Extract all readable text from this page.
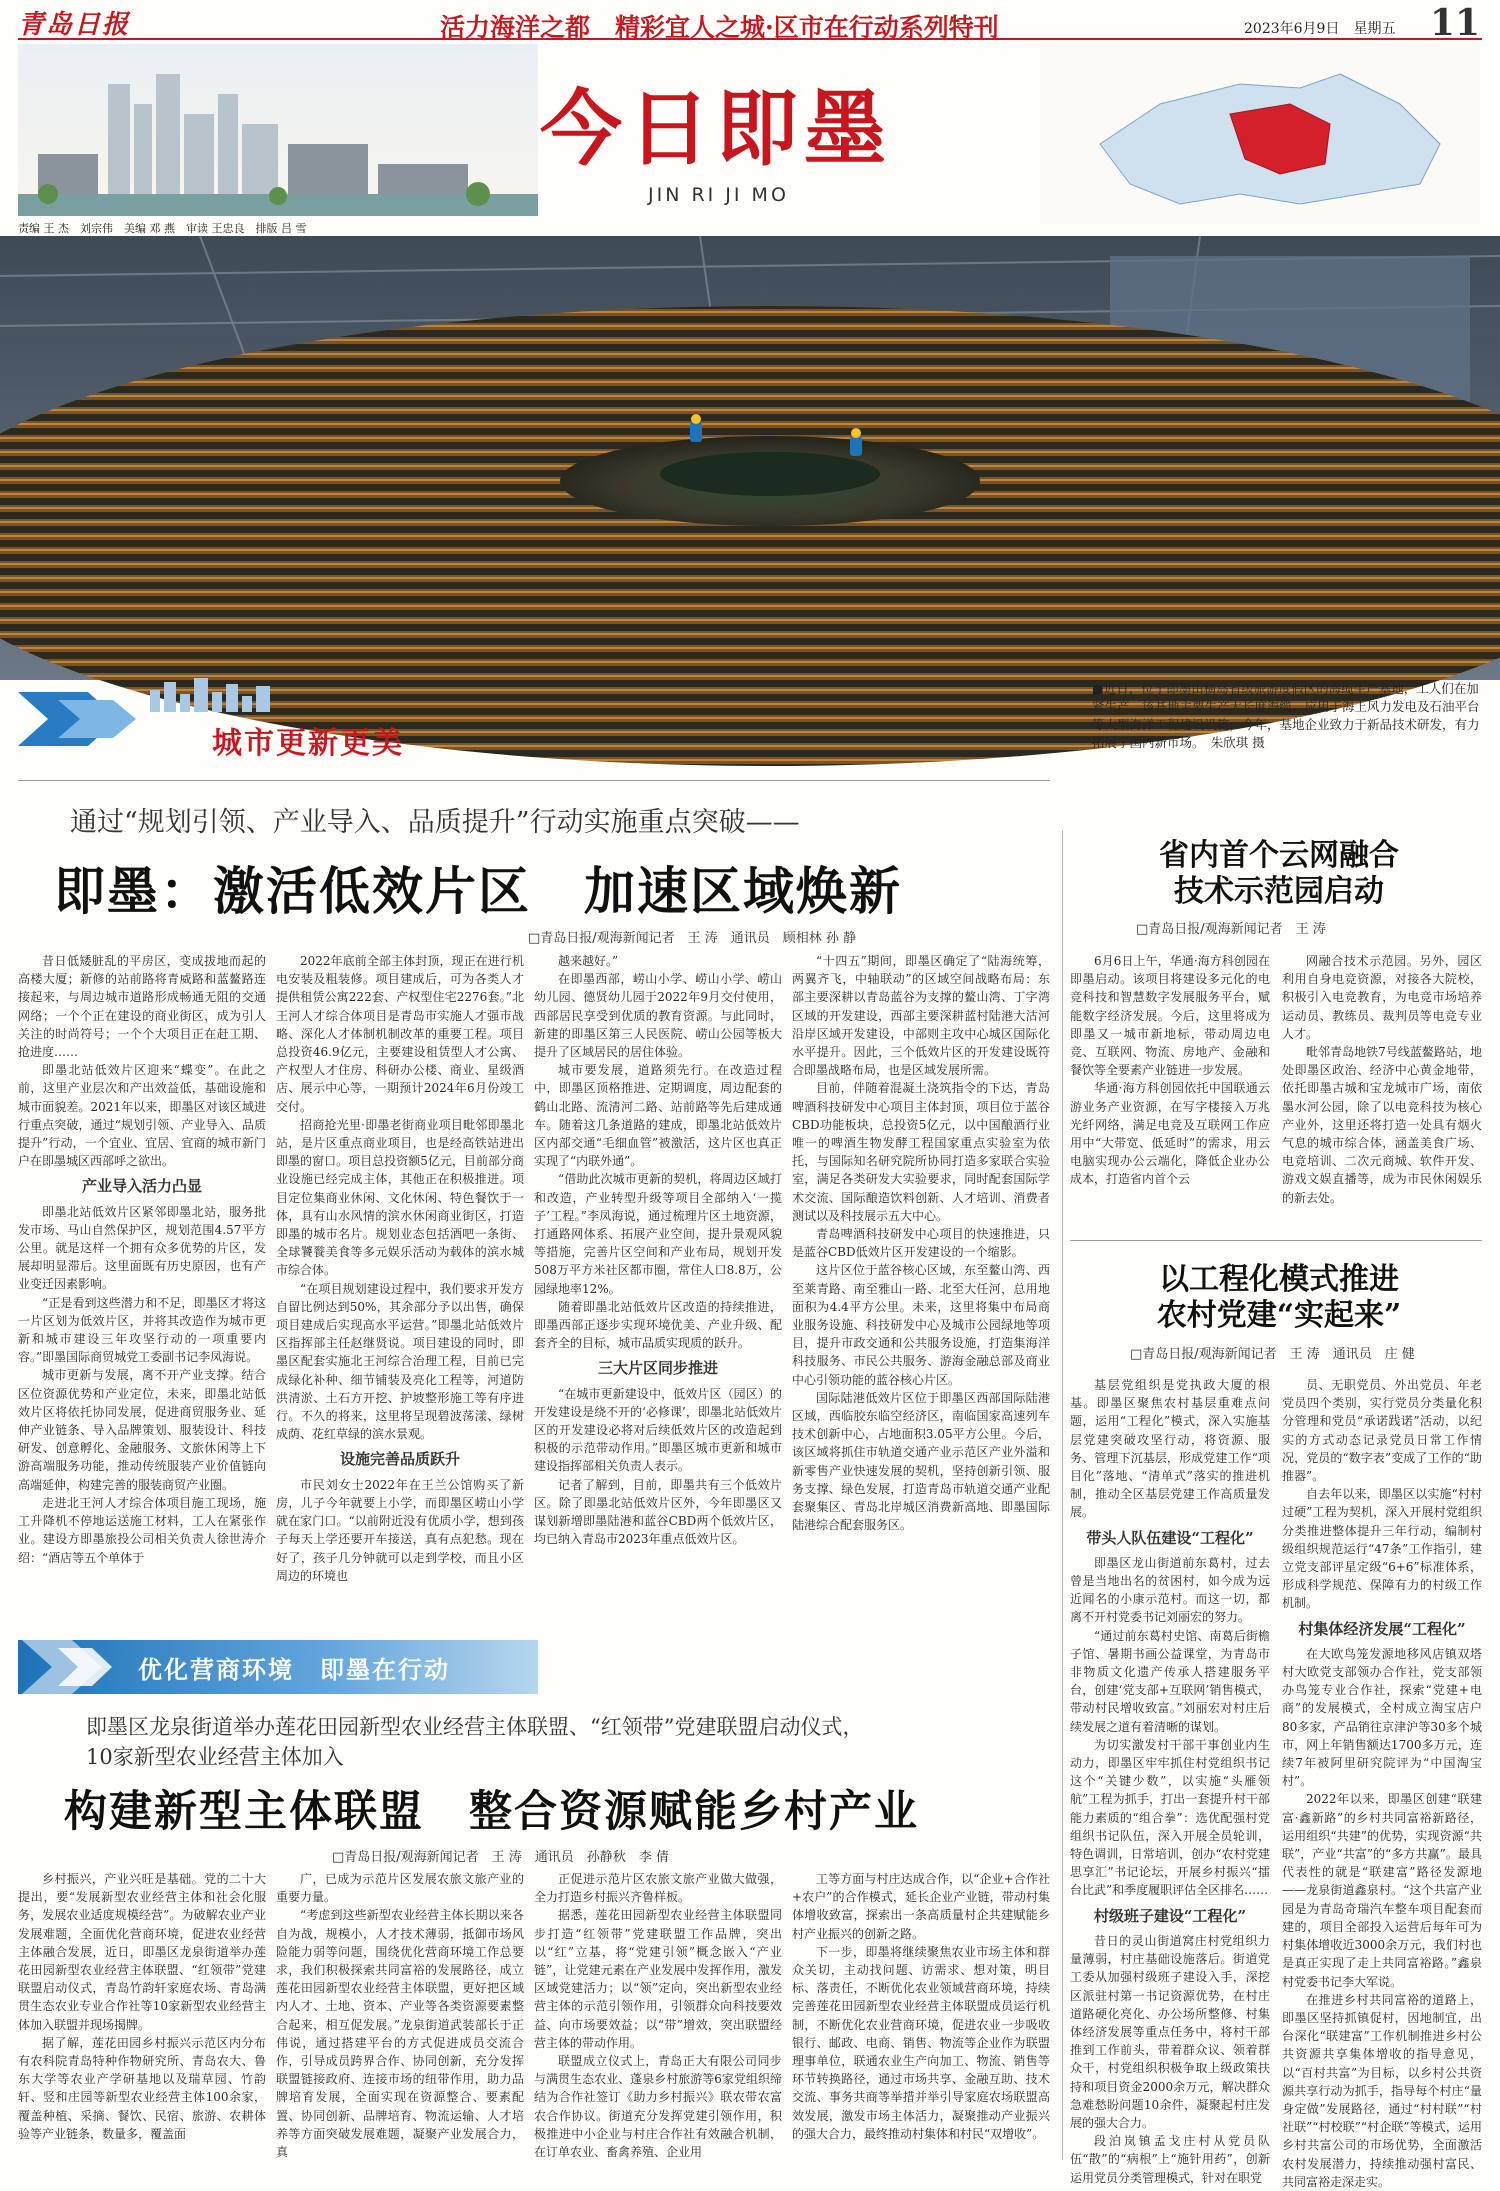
青岛日报	活力海洋之都　精彩宜人之城·区市在行动系列特刊	2023年6月9日　星期五 11
今日即墨
JIN RI JI MO
责编 王 杰　刘宗伟　美编 邓 燕　审读 王忠良　排版 吕 雪
■近日，位于即墨田横岛省级旅游度假区的海缆生产基地，工人们在加紧生产。该基地主要生产大长度海缆，应用于海上风力发电及石油平台等大型海洋工程建设设施，今年，基地企业致力于新品技术研发，有力拓展了国内新市场。　朱欣琪 摄
城市更新更美
通过“规划引领、产业导入、品质提升”行动实施重点突破——
即墨：激活低效片区　加速区域焕新
□青岛日报/观海新闻记者　王 涛　通讯员　顾相林 孙 静

昔日低矮脏乱的平房区，变成拔地而起的高楼大厦；新修的站前路将青威路和蓝鳌路连接起来，与周边城市道路形成畅通无阻的交通网络；一个个正在建设的商业街区，成为引人关注的时尚符号；一个个大项目正在赶工期、抢进度……

即墨北站低效片区迎来“蝶变”。在此之前，这里产业层次和产出效益低，基础设施和城市面貌差。2021年以来，即墨区对该区域进行重点突破，通过“规划引领、产业导入、品质提升”行动，一个宜业、宜居、宜商的城市新门户在即墨城区西部呼之欲出。

产业导入活力凸显

即墨北站低效片区紧邻即墨北站，服务批发市场、马山自然保护区，规划范围4.57平方公里。就是这样一个拥有众多优势的片区，发展却明显滞后。这里面既有历史原因，也有产业变迁因素影响。

“正是看到这些潜力和不足，即墨区才将这一片区划为低效片区，并将其改造作为城市更新和城市建设三年攻坚行动的一项重要内容。”即墨国际商贸城党工委副书记李凤海说。

城市更新与发展，离不开产业支撑。结合区位资源优势和产业定位，未来，即墨北站低效片区将依托协同发展，促进商贸服务业、延伸产业链条、导入品牌策划、服装设计、科技研发、创意孵化、金融服务、文旅休闲等上下游高端服务功能，推动传统服装产业价值链向高端延伸，构建完善的服装商贸产业圈。

走进北王河人才综合体项目施工现场，施工升降机不停地运送施工材料，工人在紧张作业。建设方即墨旅投公司相关负责人徐世涛介绍：“酒店等五个单体于

2022年底前全部主体封顶，现正在进行机电安装及粗装修。项目建成后，可为各类人才提供租赁公寓222套、产权型住宅2276套。”北王河人才综合体项目是青岛市实施人才强市战略、深化人才体制机制改革的重要工程。项目总投资46.9亿元，主要建设租赁型人才公寓、产权型人才住房、科研办公楼、商业、星级酒店、展示中心等，一期预计2024年6月份竣工交付。

招商抢光里·即墨老街商业项目毗邻即墨北站，是片区重点商业项目，也是经高铁站进出即墨的窗口。项目总投资额5亿元，目前部分商业设施已经完成主体，其他正在积极推进。项目定位集商业休闲、文化休闲、特色餐饮于一体，具有山水风情的滨水休闲商业街区，打造即墨的城市名片。规划业态包括酒吧一条街、全球饕餮美食等多元娱乐活动为载体的滨水城市综合体。

“在项目规划建设过程中，我们要求开发方自留比例达到50%，其余部分予以出售，确保项目建成后实现高水平运营。”即墨北站低效片区指挥部主任赵继贤说。项目建设的同时，即墨区配套实施北王河综合治理工程，目前已完成绿化补种、细节铺装及亮化工程等，河道防洪清淤、土石方开挖、护坡整形施工等有序进行。不久的将来，这里将呈现碧波荡漾、绿树成荫、花红草绿的滨水景观。

设施完善品质跃升

市民刘女士2022年在王兰公馆购买了新房，儿子今年就要上小学，而即墨区崂山小学就在家门口。“以前附近没有优质小学，想到孩子每天上学还要开车接送，真有点犯愁。现在好了，孩子几分钟就可以走到学校，而且小区周边的环境也

越来越好。”

在即墨西部，崂山小学、崂山小学、崂山幼儿园、德贤幼儿园于2022年9月交付使用，西部居民享受到优质的教育资源。与此同时，新建的即墨区第三人民医院、崂山公园等板大提升了区域居民的居住体验。

城市要发展，道路须先行。在改造过程中，即墨区顶格推进、定期调度，周边配套的鹤山北路、流清河二路、站前路等先后建成通车。随着这几条道路的建成，即墨北站低效片区内部交通“毛细血管”被激活，这片区也真正实现了“内联外通”。

“借助此次城市更新的契机，将周边区域打和改造，产业转型升级等项目全部纳入‘一揽子’工程。”李凤海说，通过梳理片区土地资源，打通路网体系、拓展产业空间，提升景观风貌等措施，完善片区空间和产业布局，规划开发508万平方米社区都市圈，常住人口8.8万，公园绿地率12%。

随着即墨北站低效片区改造的持续推进，即墨西部正逐步实现环境优美、产业升级、配套齐全的目标，城市品质实现质的跃升。

三大片区同步推进

“在城市更新建设中，低效片区（园区）的开发建设是绕不开的‘必修课’，即墨北站低效片区的开发建设必将对后续低效片区的改造起到积极的示范带动作用。”即墨区城市更新和城市建设指挥部相关负责人表示。

记者了解到，目前，即墨共有三个低效片区。除了即墨北站低效片区外，今年即墨区又谋划新增即墨陆港和蓝谷CBD两个低效片区，均已纳入青岛市2023年重点低效片区。

“十四五”期间，即墨区确定了“陆海统筹，两翼齐飞，中轴联动”的区域空间战略布局：东部主要深耕以青岛蓝谷为支撑的鳌山湾、丁字湾区域的开发建设，西部主要深耕蓝村陆港大沽河沿岸区域开发建设，中部则主攻中心城区国际化水平提升。因此，三个低效片区的开发建设既符合即墨战略布局，也是区域发展所需。

目前，伴随着混凝土浇筑指令的下达，青岛啤酒科技研发中心项目主体封顶，项目位于蓝谷CBD功能板块，总投资5亿元，以中国酿酒行业唯一的啤酒生物发酵工程国家重点实验室为依托，与国际知名研究院所协同打造多家联合实验室，满足各类研发大实验要求，同时配套国际学术交流、国际酿造饮料创新、人才培训、消费者测试以及科技展示五大中心。

青岛啤酒科技研发中心项目的快速推进，只是蓝谷CBD低效片区开发建设的一个缩影。

这片区位于蓝谷核心区域，东至鳌山湾、西至莱青路、南至雅山一路、北至大任河，总用地面积为4.4平方公里。未来，这里将集中布局商业服务设施、科技研发中心及城市公园绿地等项目，提升市政交通和公共服务设施，打造集海洋科技服务、市民公共服务、游海金融总部及商业中心引领功能的蓝谷核心片区。

国际陆港低效片区位于即墨区西部国际陆港区域，西临胶东临空经济区，南临国家高速列车技术创新中心，占地面积3.05平方公里。今后，该区域将抓住市轨道交通产业示范区产业外溢和新零售产业快速发展的契机，坚持创新引领、服务支撑、绿色发展，打造青岛市轨道交通产业配套聚集区、青岛北岸城区消费新高地、即墨国际陆港综合配套服务区。

省内首个云网融合
技术示范园启动
□青岛日报/观海新闻记者　王 涛

6月6日上午，华通·海方科创园在即墨启动。该项目将建设多元化的电竞科技和智慧数字发展服务平台，赋能数字经济发展。今后，这里将成为即墨又一城市新地标，带动周边电竞、互联网、物流、房地产、金融和餐饮等全要素产业链进一步发展。

华通·海方科创园依托中国联通云游业务产业资源，在写字楼接入万兆光纤网络，满足电竞及互联网工作应用中“大带宽、低延时”的需求，用云电脑实现办公云端化，降低企业办公成本，打造省内首个云

网融合技术示范园。另外，园区利用自身电竞资源，对接各大院校，积极引入电竞教育，为电竞市场培养运动员、教练员、裁判员等电竞专业人才。

毗邻青岛地铁7号线蓝鳌路站，地处即墨区政治、经济中心黄金地带，依托即墨古城和宝龙城市广场，南依墨水河公园，除了以电竞科技为核心产业外，这里还将打造一处具有烟火气息的城市综合体，涵盖美食广场、电竞培训、二次元商城、软件开发、游戏文娱直播等，成为市民休闲娱乐的新去处。

以工程化模式推进
农村党建“实起来”
□青岛日报/观海新闻记者　王 涛　通讯员　庄 健

基层党组织是党执政大厦的根基。即墨区聚焦农村基层重难点问题，运用“工程化”模式，深入实施基层党建突破攻坚行动，将资源、服务、管理下沉基层，形成党建工作“项目化”落地、“清单式”落实的推进机制，推动全区基层党建工作高质量发展。

带头人队伍建设“工程化”

即墨区龙山街道前东葛村，过去曾是当地出名的贫困村，如今成为远近闻名的小康示范村。而这一切，都离不开村党委书记刘丽宏的努力。

“通过前东葛村史馆、南葛后街檐子馆、暑期书画公益课堂，为青岛市非物质文化遗产传承人搭建服务平台，创建‘党支部+互联网’销售模式，带动村民增收致富。”刘丽宏对村庄后续发展之道有着清晰的谋划。

为切实激发村干部干事创业内生动力，即墨区牢牢抓住村党组织书记这个“关键少数”，以实施“头雁领航”工程为抓手，打出一套提升村干部能力素质的“组合拳”：选优配强村党组织书记队伍，深入开展全员轮训，特色调训，日常培训，创办“农村党建思享汇”书记论坛，开展乡村振兴“擂台比武”和季度履职评估全区排名……

村级班子建设“工程化”

昔日的灵山街道窝庄村党组织力量薄弱，村庄基础设施落后。街道党工委从加强村级班子建设入手，深挖区派驻村第一书记资源优势，在村庄道路硬化亮化、办公场所整修、村集体经济发展等重点任务中，将村干部推到工作前头，带着群众议、领着群众干，村党组织积极争取上级政策扶持和项目资金2000余万元，解决群众急难愁盼问题10余件，凝聚起村庄发展的强大合力。

段泊岚镇孟戈庄村从党员队伍“散”的“病根”上“施针用药”，创新运用党员分类管理模式，针对在职党

员、无职党员、外出党员、年老党员四个类别，实行党员分类量化积分管理和党员“承诺践诺”活动，以纪实的方式动态记录党员日常工作情况，党员的“数字表”变成了工作的“助推器”。

自去年以来，即墨区以实施“村村过硬”工程为契机，深入开展村党组织分类推进整体提升三年行动，编制村级组织规范运行“47条”工作指引，建立党支部评星定级“6+6”标准体系，形成科学规范、保障有力的村级工作机制。

村集体经济发展“工程化”

在大欧鸟笼发源地移风店镇双塔村大欧党支部领办合作社，党支部领办鸟笼专业合作社，探索“党建+电商”的发展模式，全村成立淘宝店户80多家，产品销往京津沪等30多个城市，网上年销售额达1700多万元，连续7年被阿里研究院评为“中国淘宝村”。

2022年以来，即墨区创建“联建富·鑫新路”的乡村共同富裕新路径，运用组织“共建”的优势，实现资源“共联”，产业“共富”的“多方共赢”。最具代表性的就是“联建富”路径发源地——龙泉街道鑫泉村。“这个共富产业园是为青岛奇瑞汽车整车项目配套而建的，项目全部投入运营后每年可为村集体增收近3000余万元，我们村也是真正实现了走上共同富裕路。”鑫泉村党委书记李大军说。

在推进乡村共同富裕的道路上，即墨区坚持抓镇促村，因地制宜，出台深化“联建富”工作机制推进乡村公共资源共享集体增收的指导意见，以“百村共富”为目标，以乡村公共资源共享行动为抓手，指导每个村庄“量身定做”发展路径，通过“村村联”“村社联”“村校联”“村企联”等模式，运用乡村共富公司的市场优势，全面激活农村发展潜力，持续推动强村富民、共同富裕走深走实。

优化营商环境　即墨在行动
即墨区龙泉街道举办莲花田园新型农业经营主体联盟、“红领带”党建联盟启动仪式，
10家新型农业经营主体加入
构建新型主体联盟　整合资源赋能乡村产业
□青岛日报/观海新闻记者　王 涛　通讯员　孙静秋　李 倩

乡村振兴，产业兴旺是基础。党的二十大提出，要“发展新型农业经营主体和社会化服务，发展农业适度规模经营”。为破解农业产业发展难题，全面优化营商环境，促进农业经营主体融合发展，近日，即墨区龙泉街道举办莲花田园新型农业经营主体联盟、“红领带”党建联盟启动仪式，青岛竹韵轩家庭农场、青岛满贯生态农业专业合作社等10家新型农业经营主体加入联盟并现场揭牌。

据了解，莲花田园乡村振兴示范区内分布有农科院青岛特种作物研究所、青岛农大、鲁东大学等农业产学研基地以及瑞草园、竹韵轩、竖和庄园等新型农业经营主体100余家，覆盖种植、采摘、餐饮、民宿、旅游、农耕体验等产业链条，数量多，覆盖面

广，已成为示范片区发展农旅文旅产业的重要力量。

“考虑到这些新型农业经营主体长期以来各自为战，规模小，人才技术薄弱，抵御市场风险能力弱等问题，围绕优化营商环境工作总要求，我们积极探索共同富裕的发展路径，成立莲花田园新型农业经营主体联盟，更好把区域内人才、土地、资本、产业等各类资源要素整合起来，相互促发展。”龙泉街道武装部长于正伟说，通过搭建平台的方式促进成员交流合作，引导成员跨界合作、协同创新，充分发挥联盟链接政府、连接市场的纽带作用，助力品牌培育发展，全面实现在资源整合、要素配置、协同创新、品牌培育、物流运输、人才培养等方面突破发展难题，凝聚产业发展合力，真

正促进示范片区农旅文旅产业做大做强，全力打造乡村振兴齐鲁样板。

据悉，莲花田园新型农业经营主体联盟同步打造“红领带”党建联盟工作品牌，突出以“红”立基，将“党建引领”概念嵌入“产业链”，让党建元素在产业发展中发挥作用，激发区域党建活力；以“领”定向，突出新型农业经营主体的示范引领作用，引领群众向科技要效益、向市场要效益；以“带”增效，突出联盟经营主体的带动作用。

联盟成立仪式上，青岛正大有限公司同步与满贯生态农业、蓬泉乡村旅游等6家党组织缔结为合作社签订《助力乡村振兴》联农带农富农合作协议。街道充分发挥党建引领作用，积极推进中小企业与村庄合作社有效融合机制，在订单农业、畜禽养殖、企业用

工等方面与村庄达成合作，以“企业+合作社+农户”的合作模式，延长企业产业链，带动村集体增收致富，探索出一条高质量村企共建赋能乡村产业振兴的创新之路。

下一步，即墨将继续聚焦农业市场主体和群众关切，主动找问题、访需求、想对策，明目标、落责任，不断优化农业领域营商环境，持续完善莲花田园新型农业经营主体联盟成员运行机制，不断优化农业营商环境，促进农业一步吸收银行、邮政、电商、销售、物流等企业作为联盟理事单位，联通农业生产向加工、物流、销售等环节转换路径，通过市场共享、金融互助、技术交流、事务共商等举措并举引导家庭农场联盟高效发展，激发市场主体活力，凝聚推动产业振兴的强大合力，最终推动村集体和村民“双增收”。
